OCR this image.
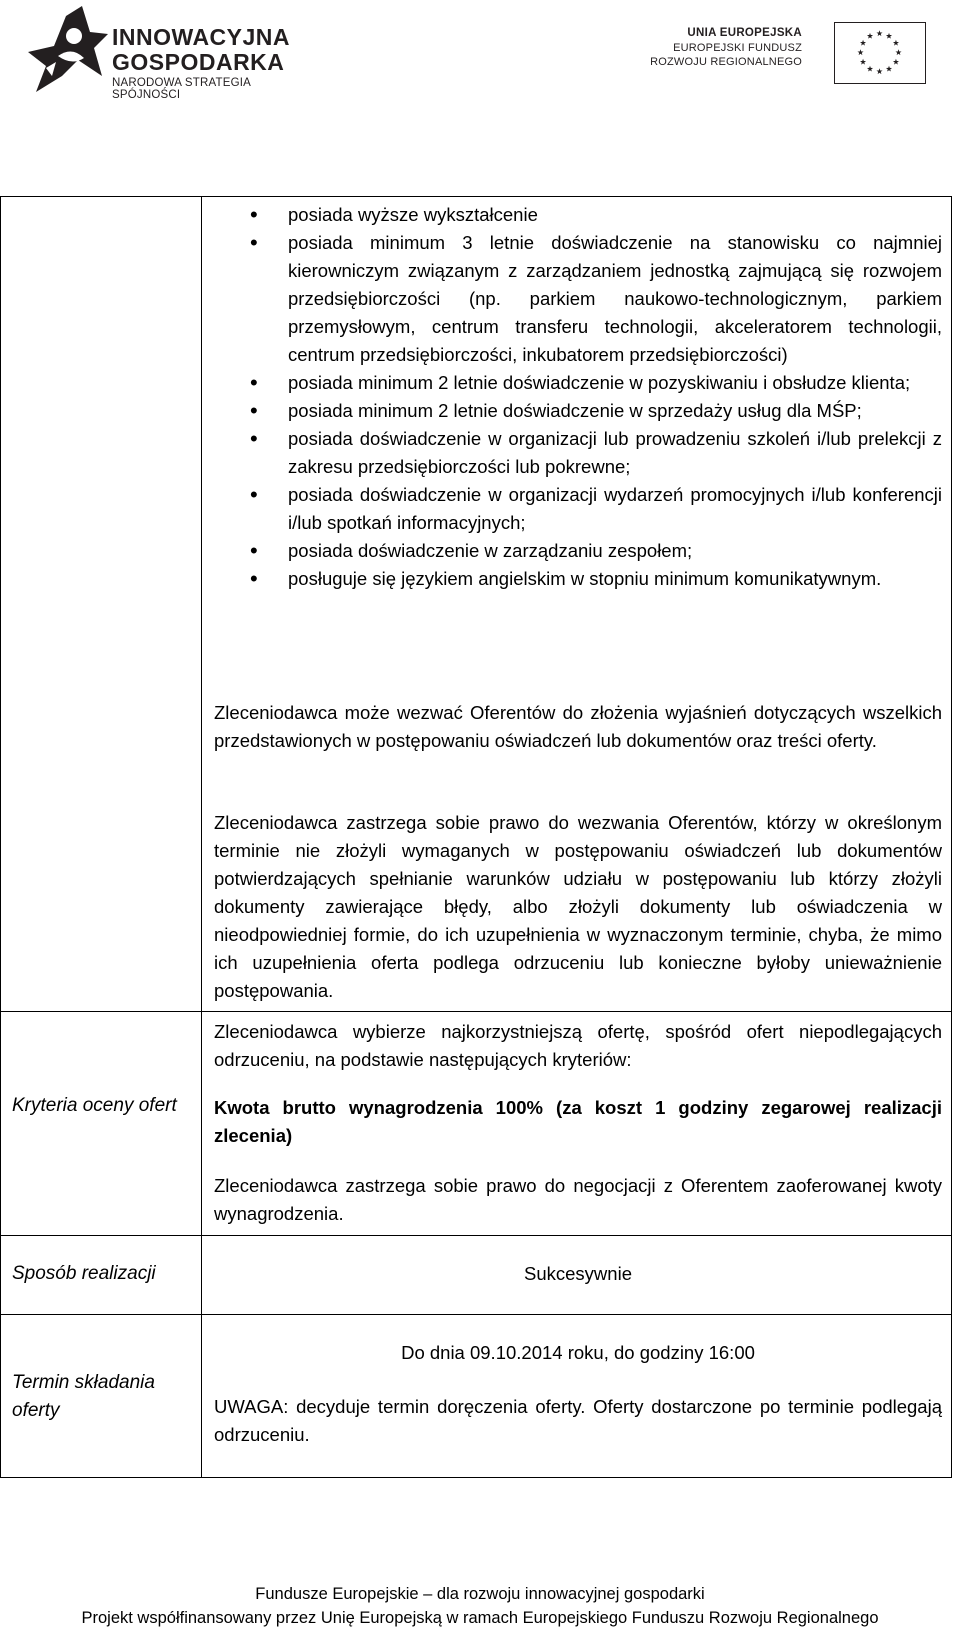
INNOWACYJNA
GOSPODARKA
NARODOWA STRATEGIA SPÓJNOŚCI
UNIA EUROPEJSKA
EUROPEJSKI FUNDUSZ
ROZWOJU REGIONALNEGO
• posiada wyższe wykształcenie
• posiada minimum 3 letnie doświadczenie na stanowisku co najmniej kierowniczym związanym z zarządzaniem jednostką zajmującą się rozwojem przedsiębiorczości (np. parkiem naukowo-technologicznym, parkiem przemysłowym, centrum transferu technologii, akceleratorem technologii, centrum przedsiębiorczości, inkubatorem przedsiębiorczości)
• posiada minimum 2 letnie doświadczenie w pozyskiwaniu i obsłudze klienta;
• posiada minimum 2 letnie doświadczenie w sprzedaży usług dla MŚP;
• posiada doświadczenie w organizacji lub prowadzeniu szkoleń i/lub prelekcji z zakresu przedsiębiorczości lub pokrewne;
• posiada doświadczenie w organizacji wydarzeń promocyjnych i/lub konferencji i/lub spotkań informacyjnych;
• posiada doświadczenie w zarządzaniu zespołem;
• posługuje się językiem angielskim w stopniu minimum komunikatywnym.
Zleceniodawca może wezwać Oferentów do złożenia wyjaśnień dotyczących wszelkich przedstawionych w postępowaniu oświadczeń lub dokumentów oraz treści oferty.
Zleceniodawca zastrzega sobie prawo do wezwania Oferentów, którzy w określonym terminie nie złożyli wymaganych w postępowaniu oświadczeń lub dokumentów potwierdzających spełnianie warunków udziału w postępowaniu lub którzy złożyli dokumenty zawierające błędy, albo złożyli dokumenty lub oświadczenia w nieodpowiedniej formie, do ich uzupełnienia w wyznaczonym terminie, chyba, że mimo ich uzupełnienia oferta podlega odrzuceniu lub konieczne byłoby unieważnienie postępowania.
Kryteria oceny ofert
Zleceniodawca wybierze najkorzystniejszą ofertę, spośród ofert niepodlegających odrzuceniu, na podstawie następujących kryteriów:
Kwota brutto wynagrodzenia 100% (za koszt 1 godziny zegarowej realizacji zlecenia)
Zleceniodawca zastrzega sobie prawo do negocjacji z Oferentem zaoferowanej kwoty wynagrodzenia.
Sposób realizacji	Sukcesywnie
Termin składania oferty
Do dnia 09.10.2014 roku, do godziny 16:00
UWAGA: decyduje termin doręczenia oferty. Oferty dostarczone po terminie podlegają odrzuceniu.
Fundusze Europejskie – dla rozwoju innowacyjnej gospodarki
Projekt współfinansowany przez Unię Europejską w ramach Europejskiego Funduszu Rozwoju Regionalnego
